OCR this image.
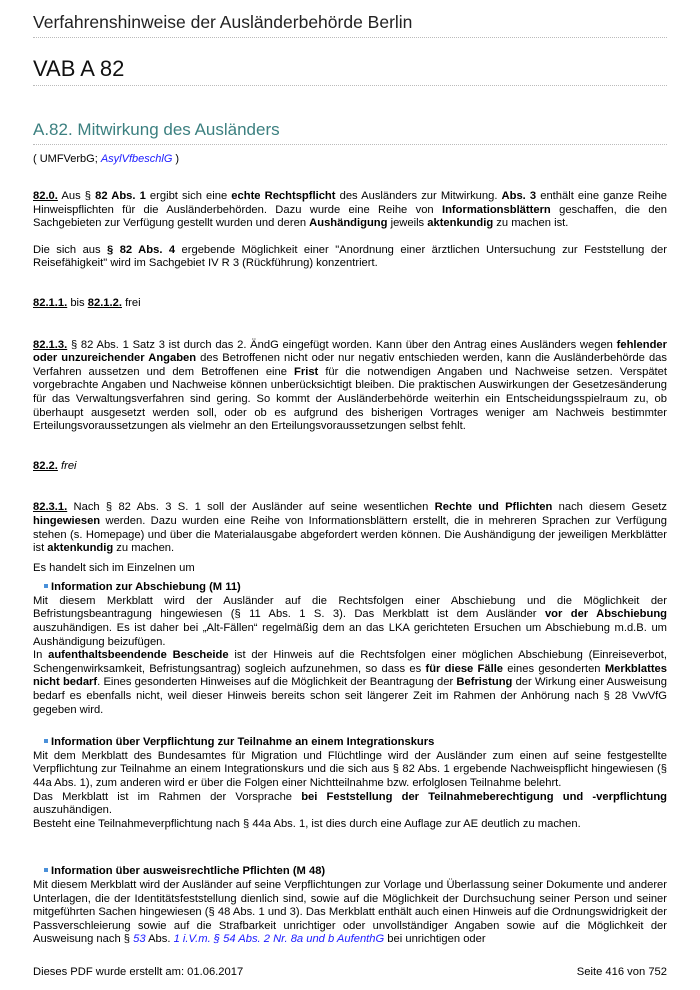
Verfahrenshinweise der Ausländerbehörde Berlin
VAB A 82
A.82. Mitwirkung des Ausländers
( UMFVerbG; AsylVfbeschlG )

82.0. Aus § 82 Abs. 1 ergibt sich eine echte Rechtspflicht des Ausländers zur Mitwirkung. Abs. 3 enthält eine ganze Reihe Hinweispflichten für die Ausländerbehörden. Dazu wurde eine Reihe von Informationsblättern geschaffen, die den Sachgebieten zur Verfügung gestellt wurden und deren Aushändigung jeweils aktenkundig zu machen ist.

Die sich aus § 82 Abs. 4 ergebende Möglichkeit einer "Anordnung einer ärztlichen Untersuchung zur Feststellung der Reisefähigkeit" wird im Sachgebiet IV R 3 (Rückführung) konzentriert.

82.1.1. bis 82.1.2. frei

82.1.3. § 82 Abs. 1 Satz 3 ist durch das 2. ÄndG eingefügt worden. Kann über den Antrag eines Ausländers wegen fehlender oder unzureichender Angaben des Betroffenen nicht oder nur negativ entschieden werden, kann die Ausländerbehörde das Verfahren aussetzen und dem Betroffenen eine Frist für die notwendigen Angaben und Nachweise setzen. Verspätet vorgebrachte Angaben und Nachweise können unberücksichtigt bleiben. Die praktischen Auswirkungen der Gesetzesänderung für das Verwaltungsverfahren sind gering. So kommt der Ausländerbehörde weiterhin ein Entscheidungsspielraum zu, ob überhaupt ausgesetzt werden soll, oder ob es aufgrund des bisherigen Vortrages weniger am Nachweis bestimmter Erteilungsvoraussetzungen als vielmehr an den Erteilungsvoraussetzungen selbst fehlt.

82.2. frei

82.3.1. Nach § 82 Abs. 3 S. 1 soll der Ausländer auf seine wesentlichen Rechte und Pflichten nach diesem Gesetz hingewiesen werden. Dazu wurden eine Reihe von Informationsblättern erstellt, die in mehreren Sprachen zur Verfügung stehen (s. Homepage) und über die Materialausgabe abgefordert werden können. Die Aushändigung der jeweiligen Merkblätter ist aktenkundig zu machen.

Es handelt sich im Einzelnen um

Information zur Abschiebung (M 11)

Mit diesem Merkblatt wird der Ausländer auf die Rechtsfolgen einer Abschiebung und die Möglichkeit der Befristungsbeantragung hingewiesen (§ 11 Abs. 1 S. 3). Das Merkblatt ist dem Ausländer vor der Abschiebung auszuhändigen. Es ist daher bei „Alt-Fällen“ regelmäßig dem an das LKA gerichteten Ersuchen um Abschiebung m.d.B. um Aushändigung beizufügen.

In aufenthaltsbeendende Bescheide ist der Hinweis auf die Rechtsfolgen einer möglichen Abschiebung (Einreiseverbot, Schengenwirksamkeit, Befristungsantrag) sogleich aufzunehmen, so dass es für diese Fälle eines gesonderten Merkblattes nicht bedarf. Eines gesonderten Hinweises auf die Möglichkeit der Beantragung der Befristung der Wirkung einer Ausweisung bedarf es ebenfalls nicht, weil dieser Hinweis bereits schon seit längerer Zeit im Rahmen der Anhörung nach § 28 VwVfG gegeben wird.

Information über Verpflichtung zur Teilnahme an einem Integrationskurs

Mit dem Merkblatt des Bundesamtes für Migration und Flüchtlinge wird der Ausländer zum einen auf seine festgestellte Verpflichtung zur Teilnahme an einem Integrationskurs und die sich aus § 82 Abs. 1 ergebende Nachweispflicht hingewiesen (§ 44a Abs. 1), zum anderen wird er über die Folgen einer Nichtteilnahme bzw. erfolglosen Teilnahme belehrt.

Das Merkblatt ist im Rahmen der Vorsprache bei Feststellung der Teilnahmeberechtigung und -verpflichtung auszuhändigen.

Besteht eine Teilnahmeverpflichtung nach § 44a Abs. 1, ist dies durch eine Auflage zur AE deutlich zu machen.

Information über ausweisrechtliche Pflichten (M 48)

Mit diesem Merkblatt wird der Ausländer auf seine Verpflichtungen zur Vorlage und Überlassung seiner Dokumente und anderer Unterlagen, die der Identitätsfeststellung dienlich sind, sowie auf die Möglichkeit der Durchsuchung seiner Person und seiner mitgeführten Sachen hingewiesen (§ 48 Abs. 1 und 3). Das Merkblatt enthält auch einen Hinweis auf die Ordnungswidrigkeit der Passverschleierung sowie auf die Strafbarkeit unrichtiger oder unvollständiger Angaben sowie auf die Möglichkeit der Ausweisung nach § 53 Abs. 1 i.V.m. § 54 Abs. 2 Nr. 8a und b AufenthG bei unrichtigen oder

Dieses PDF wurde erstellt am: 01.06.2017	Seite 416 von 752
